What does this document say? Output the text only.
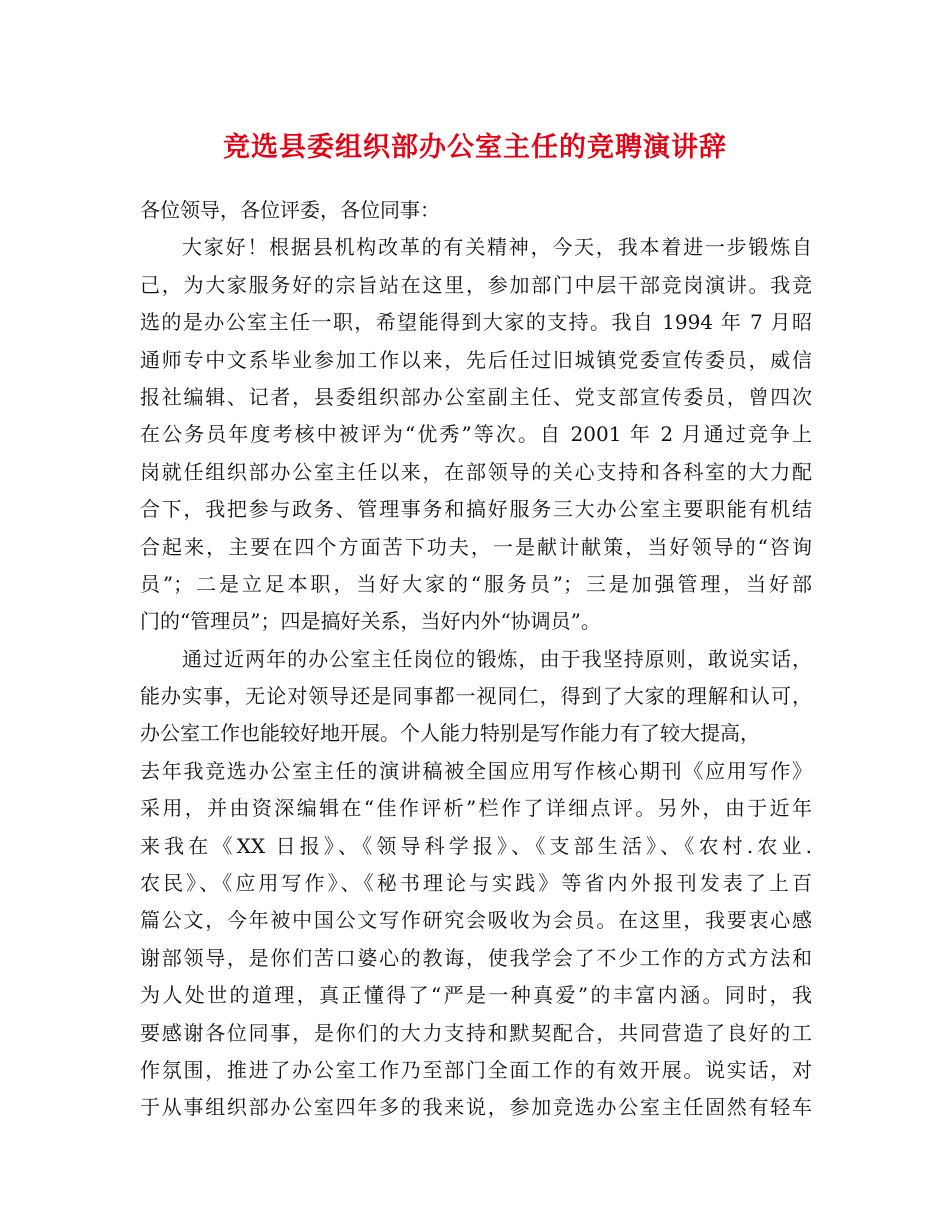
竞选县委组织部办公室主任的竞聘演讲辞
各位领导，各位评委，各位同事：
大家好！根据县机构改革的有关精神，今天，我本着进一步锻炼自
己，为大家服务好的宗旨站在这里，参加部门中层干部竞岗演讲。我竞
选的是办公室主任一职，希望能得到大家的支持。我自 1994 年 7 月昭
通师专中文系毕业参加工作以来，先后任过旧城镇党委宣传委员，威信
报社编辑、记者，县委组织部办公室副主任、党支部宣传委员，曾四次
在公务员年度考核中被评为“优秀”等次。自 2001 年 2 月通过竞争上
岗就任组织部办公室主任以来，在部领导的关心支持和各科室的大力配
合下，我把参与政务、管理事务和搞好服务三大办公室主要职能有机结
合起来，主要在四个方面苦下功夫，一是献计献策，当好领导的“咨询
员”；二是立足本职，当好大家的“服务员”；三是加强管理，当好部
门的“管理员”；四是搞好关系，当好内外“协调员”。
通过近两年的办公室主任岗位的锻炼，由于我坚持原则，敢说实话，
能办实事，无论对领导还是同事都一视同仁，得到了大家的理解和认可，
办公室工作也能较好地开展。个人能力特别是写作能力有了较大提高，
去年我竞选办公室主任的演讲稿被全国应用写作核心期刊《应用写作》
采用，并由资深编辑在“佳作评析”栏作了详细点评。另外，由于近年
来我在《XX 日报》、《领导科学报》、《支部生活》、《农村.农业.
农民》、《应用写作》、《秘书理论与实践》等省内外报刊发表了上百
篇公文，今年被中国公文写作研究会吸收为会员。在这里，我要衷心感
谢部领导，是你们苦口婆心的教诲，使我学会了不少工作的方式方法和
为人处世的道理，真正懂得了“严是一种真爱”的丰富内涵。同时，我
要感谢各位同事，是你们的大力支持和默契配合，共同营造了良好的工
作氛围，推进了办公室工作乃至部门全面工作的有效开展。说实话，对
于从事组织部办公室四年多的我来说，参加竞选办公室主任固然有轻车
